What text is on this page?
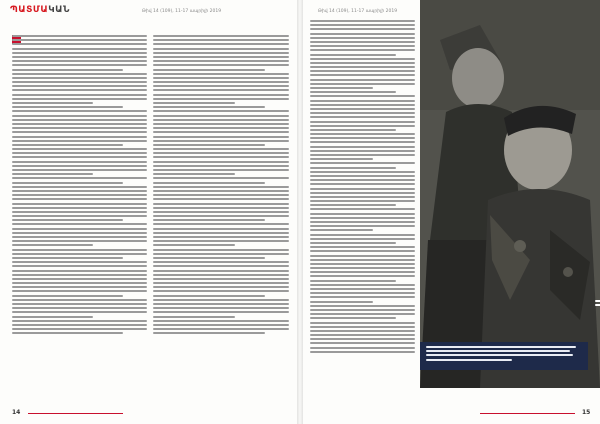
ՊԱՏՄԱԿԱՆ	Թիվ 14 (109), 11-17 ապրիլի 2019
14
Թիվ 14 (109), 11-17 ապրիլի 2019
15
